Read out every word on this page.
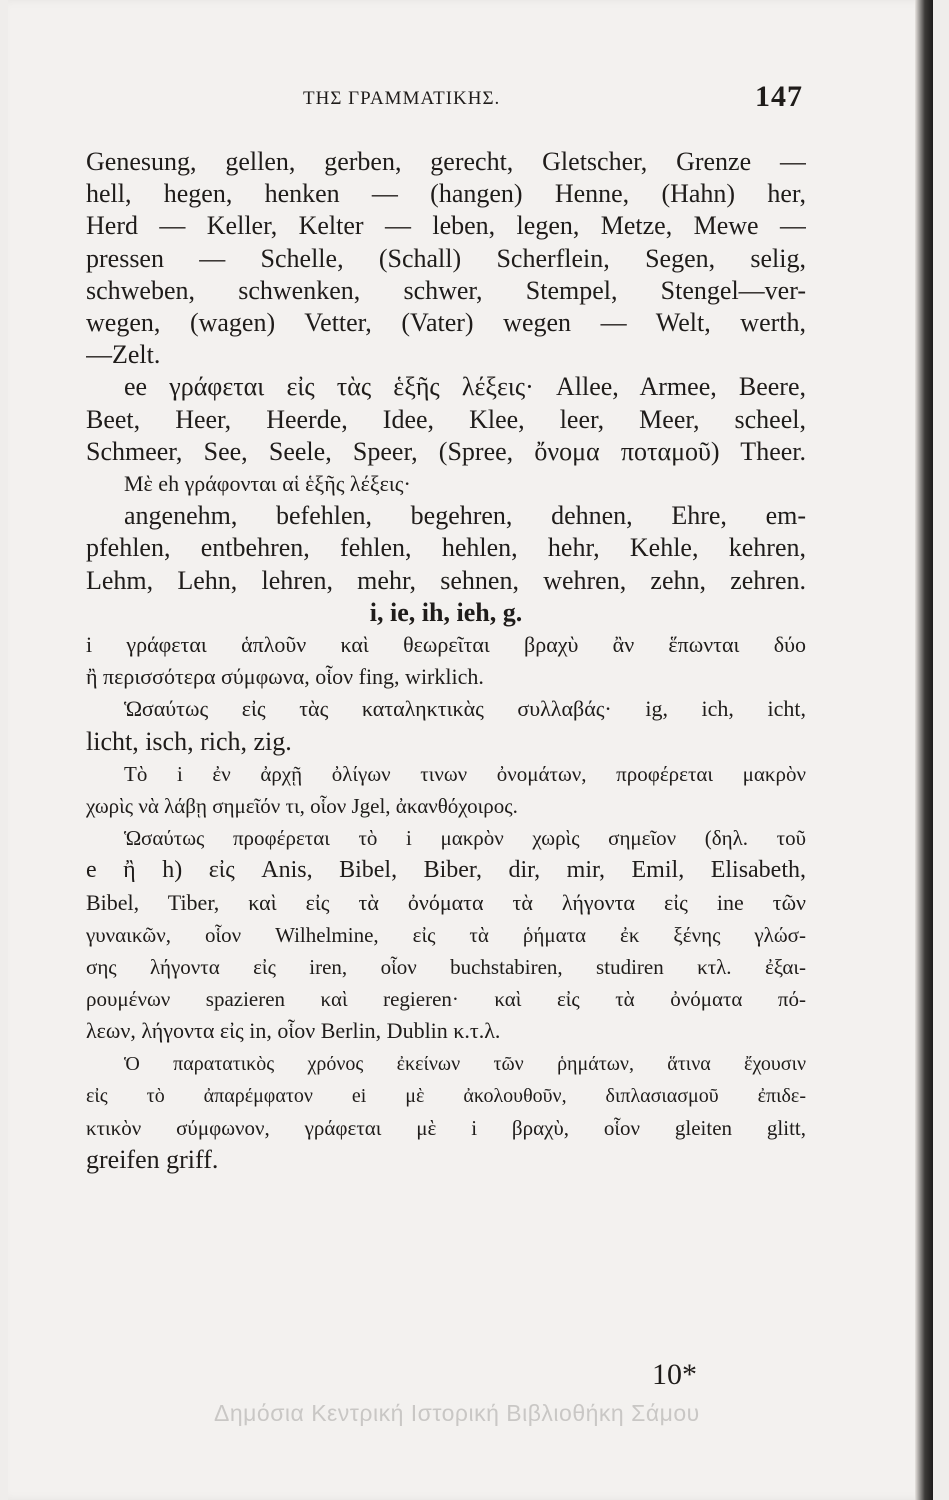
ΤΗΣ ΓΡΑΜΜΑΤΙΚΗΣ.	147
Genesung, gellen, gerben, gerecht, Gletscher, Grenze —
hell, hegen, henken — (hangen) Henne, (Hahn) her,
Herd — Keller, Kelter — leben, legen, Metze, Mewe —
pressen — Schelle, (Schall) Scherflein, Segen, selig,
schweben, schwenken, schwer, Stempel, Stengel—ver-
wegen, (wagen) Vetter, (Vater) wegen — Welt, werth,
—Zelt.
ee γράφεται εἰς τὰς ἑξῆς λέξεις· Allee, Armee, Beere,
Beet, Heer, Heerde, Idee, Klee, leer, Meer, scheel,
Schmeer, See, Seele, Speer, (Spree, ὄνομα ποταμοῦ) Theer.
Μὲ eh γράφονται αἱ ἑξῆς λέξεις·
angenehm, befehlen, begehren, dehnen, Ehre, em-
pfehlen, entbehren, fehlen, hehlen, hehr, Kehle, kehren,
Lehm, Lehn, lehren, mehr, sehnen, wehren, zehn, zehren.
i, ie, ih, ieh, g.
i γράφεται ἁπλοῦν καὶ θεωρεῖται βραχὺ ἂν ἕπωνται δύο
ἢ περισσότερα σύμφωνα, οἷον fing, wirklich.
Ὡσαύτως εἰς τὰς καταληκτικὰς συλλαβάς· ig, ich, icht,
licht, isch, rich, zig.
Τὸ i ἐν ἀρχῇ ὀλίγων τινων ὀνομάτων, προφέρεται μακρὸν
χωρὶς νὰ λάβῃ σημεῖόν τι, οἷον Jgel, ἀκανθόχοιρος.
Ὡσαύτως προφέρεται τὸ i μακρὸν χωρὶς σημεῖον (δηλ. τοῦ
e ἢ h) εἰς Anis, Bibel, Biber, dir, mir, Emil, Elisabeth,
Bibel, Tiber, καὶ εἰς τὰ ὀνόματα τὰ λήγοντα εἰς ine τῶν
γυναικῶν, οἷον Wilhelmine, εἰς τὰ ῥήματα ἐκ ξένης γλώσ-
σης λήγοντα εἰς iren, οἷον buchstabiren, studiren κτλ. ἐξαι-
ρουμένων spazieren καὶ regieren· καὶ εἰς τὰ ὀνόματα πό-
λεων, λήγοντα εἰς in, οἷον Berlin, Dublin κ.τ.λ.
Ὁ παρατατικὸς χρόνος ἐκείνων τῶν ῥημάτων, ἅτινα ἔχουσιν
εἰς τὸ ἀπαρέμφατον ei μὲ ἀκολουθοῦν, διπλασιασμοῦ ἐπιδε-
κτικὸν σύμφωνον, γράφεται μὲ i βραχὺ, οἷον gleiten glitt,
greifen griff.
10*
Δημόσια Κεντρική Ιστορική Βιβλιοθήκη Σάμου
